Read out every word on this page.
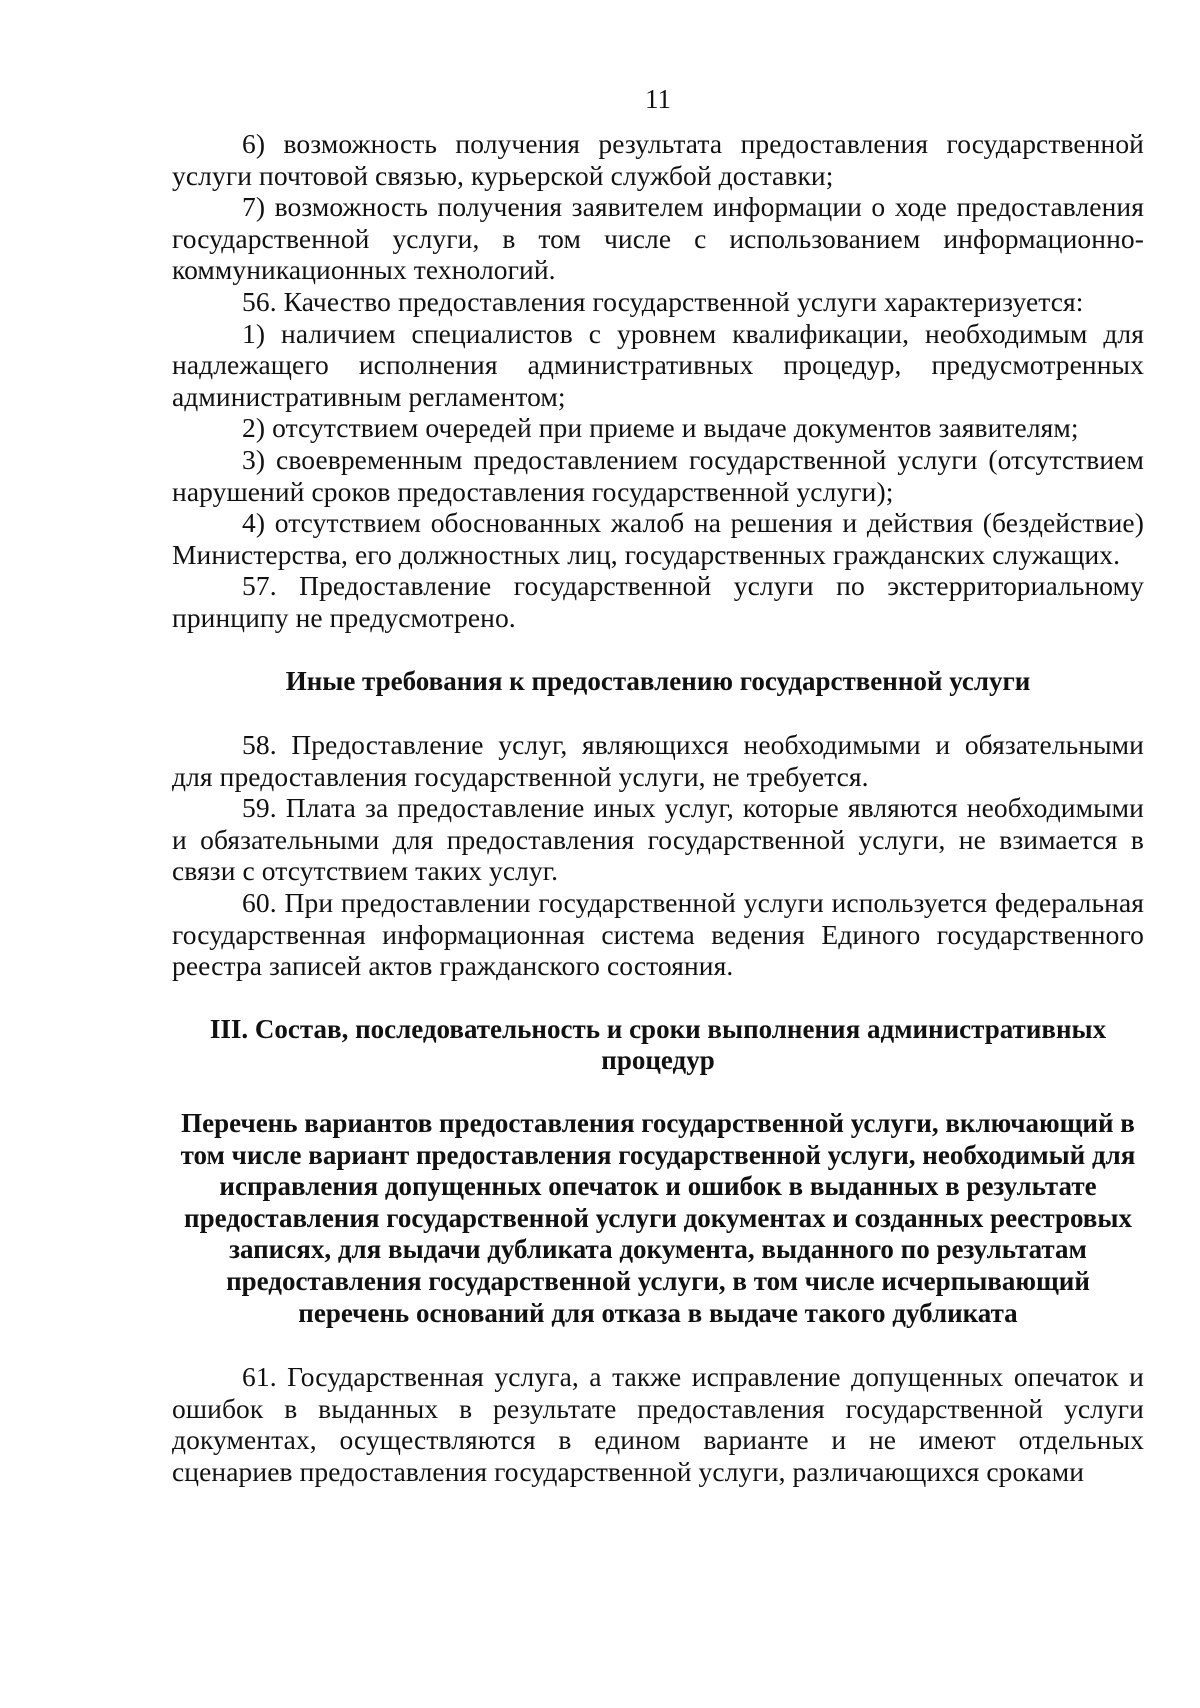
11

6) возможность получения результата предоставления государственной услуги почтовой связью, курьерской службой доставки;

7) возможность получения заявителем информации о ходе предоставления государственной услуги, в том числе с использованием информационно-коммуникационных технологий.

56. Качество предоставления государственной услуги характеризуется:

1) наличием специалистов с уровнем квалификации, необходимым для надлежащего исполнения административных процедур, предусмотренных административным регламентом;

2) отсутствием очередей при приеме и выдаче документов заявителям;

3) своевременным предоставлением государственной услуги (отсутствием нарушений сроков предоставления государственной услуги);

4) отсутствием обоснованных жалоб на решения и действия (бездействие) Министерства, его должностных лиц, государственных гражданских служащих.

57. Предоставление государственной услуги по экстерриториальному принципу не предусмотрено.

Иные требования к предоставлению государственной услуги

58. Предоставление услуг, являющихся необходимыми и обязательными для предоставления государственной услуги, не требуется.

59. Плата за предоставление иных услуг, которые являются необходимыми и обязательными для предоставления государственной услуги, не взимается в связи с отсутствием таких услуг.

60. При предоставлении государственной услуги используется федеральная государственная информационная система ведения Единого государственного реестра записей актов гражданского состояния.

III. Состав, последовательность и сроки выполнения административных процедур
Перечень вариантов предоставления государственной услуги, включающий в том числе вариант предоставления государственной услуги, необходимый для исправления допущенных опечаток и ошибок в выданных в результате предоставления государственной услуги документах и созданных реестровых записях, для выдачи дубликата документа, выданного по результатам предоставления государственной услуги, в том числе исчерпывающий перечень оснований для отказа в выдаче такого дубликата

61. Государственная услуга, а также исправление допущенных опечаток и ошибок в выданных в результате предоставления государственной услуги документах, осуществляются в едином варианте и не имеют отдельных сценариев предоставления государственной услуги, различающихся сроками
